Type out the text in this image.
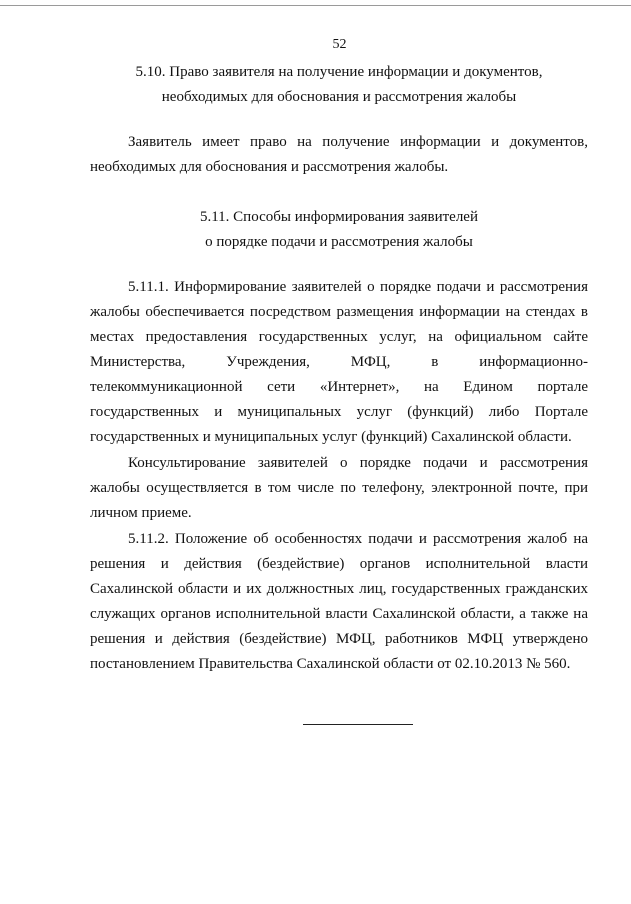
52
5.10. Право заявителя на получение информации и документов,
необходимых для обоснования и рассмотрения жалобы

Заявитель имеет право на получение информации и документов, необходимых для обоснования и рассмотрения жалобы.

5.11. Способы информирования заявителей
о порядке подачи и рассмотрения жалобы

5.11.1. Информирование заявителей о порядке подачи и рассмотрения жалобы обеспечивается посредством размещения информации на стендах в местах предоставления государственных услуг, на официальном сайте Министерства, Учреждения, МФЦ, в информационно-телекоммуникационной сети «Интернет», на Едином портале государственных и муниципальных услуг (функций) либо Портале государственных и муниципальных услуг (функций) Сахалинской области.

Консультирование заявителей о порядке подачи и рассмотрения жалобы осуществляется в том числе по телефону, электронной почте, при личном приеме.

5.11.2. Положение об особенностях подачи и рассмотрения жалоб на решения и действия (бездействие) органов исполнительной власти Сахалинской области и их должностных лиц, государственных гражданских служащих органов исполнительной власти Сахалинской области, а также на решения и действия (бездействие) МФЦ, работников МФЦ утверждено постановлением Правительства Сахалинской области от 02.10.2013 № 560.
